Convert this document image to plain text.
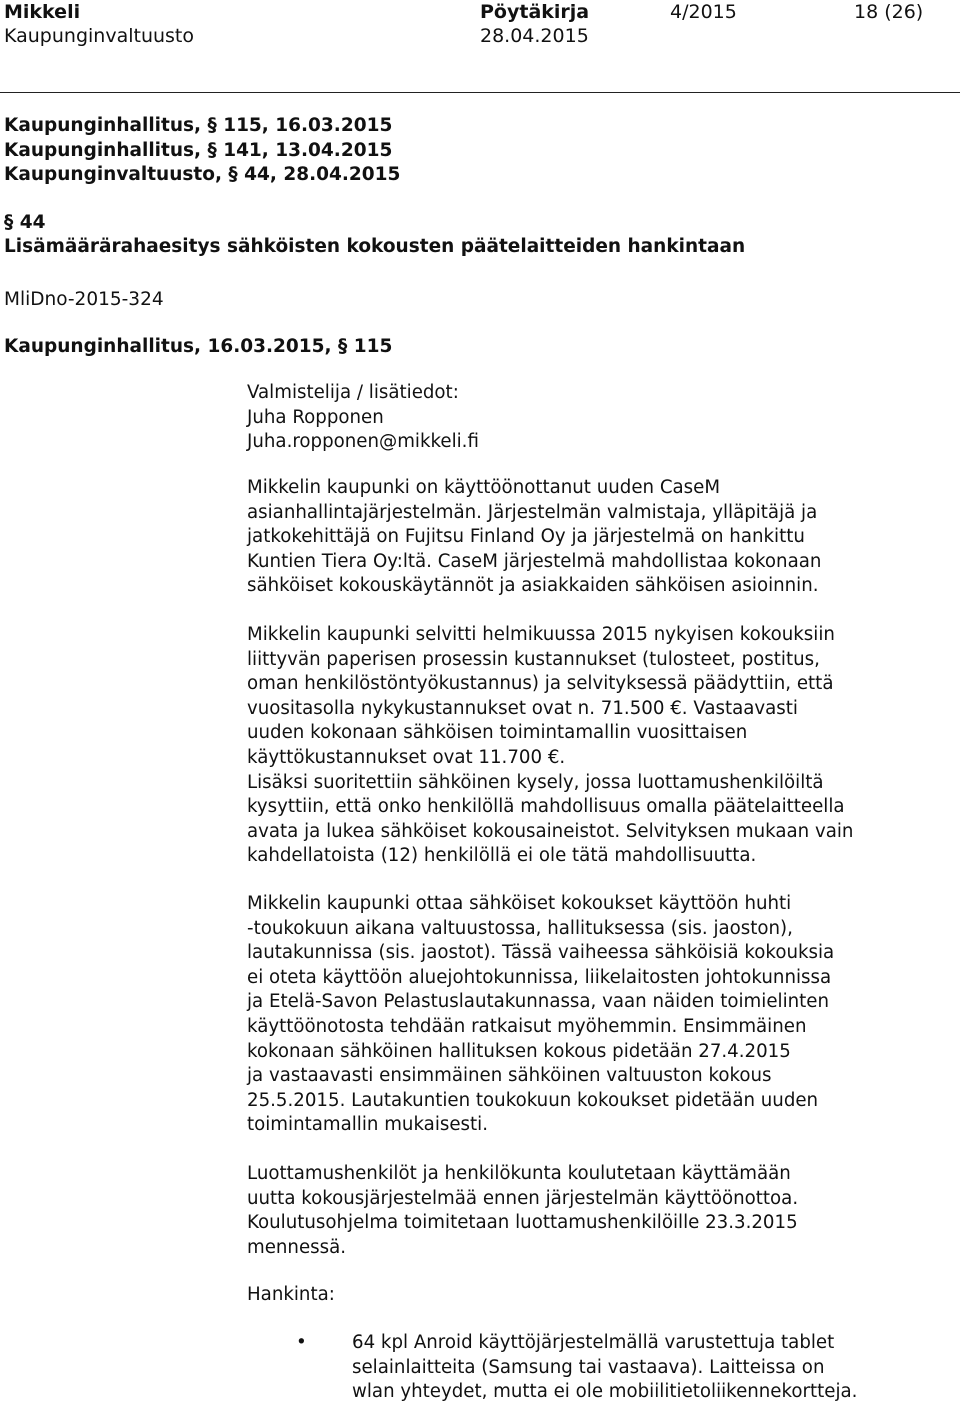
Mikkeli
Kaupunginvaltuusto
Pöytäkirja
28.04.2015
4/2015	18 (26)
Kaupunginhallitus, § 115, 16.03.2015
Kaupunginhallitus, § 141, 13.04.2015
Kaupunginvaltuusto, § 44, 28.04.2015
§ 44
Lisämäärärahaesitys sähköisten kokousten päätelaitteiden hankintaan
MliDno-2015-324
Kaupunginhallitus, 16.03.2015, § 115

Valmistelija / lisätiedot:

Juha Ropponen

Juha.ropponen@mikkeli.fi

Mikkelin kaupunki on käyttöönottanut uuden CaseM

asianhallintajärjestelmän. Järjestelmän valmistaja, ylläpitäjä ja

jatkokehittäjä on Fujitsu Finland Oy ja järjestelmä on hankittu

Kuntien Tiera Oy:ltä. CaseM järjestelmä mahdollistaa kokonaan

sähköiset kokouskäytännöt ja asiakkaiden sähköisen asioinnin.

Mikkelin kaupunki selvitti helmikuussa 2015 nykyisen kokouksiin

liittyvän paperisen prosessin kustannukset (tulosteet, postitus,

oman henkilöstöntyökustannus) ja selvityksessä päädyttiin, että

vuositasolla nykykustannukset ovat n. 71.500 €. Vastaavasti

uuden kokonaan sähköisen toimintamallin vuosittaisen

käyttökustannukset ovat 11.700 €.

Lisäksi suoritettiin sähköinen kysely, jossa luottamushenkilöiltä

kysyttiin, että onko henkilöllä mahdollisuus omalla päätelaitteella

avata ja lukea sähköiset kokousaineistot. Selvityksen mukaan vain

kahdellatoista (12) henkilöllä ei ole tätä mahdollisuutta.

Mikkelin kaupunki ottaa sähköiset kokoukset käyttöön huhti

-toukokuun aikana valtuustossa, hallituksessa (sis. jaoston),

lautakunnissa (sis. jaostot). Tässä vaiheessa sähköisiä kokouksia

ei oteta käyttöön aluejohtokunnissa, liikelaitosten johtokunnissa

ja Etelä-Savon Pelastuslautakunnassa, vaan näiden toimielinten

käyttöönotosta tehdään ratkaisut myöhemmin. Ensimmäinen

kokonaan sähköinen hallituksen kokous pidetään 27.4.2015

ja vastaavasti ensimmäinen sähköinen valtuuston kokous

25.5.2015. Lautakuntien toukokuun kokoukset pidetään uuden

toimintamallin mukaisesti.

Luottamushenkilöt ja henkilökunta koulutetaan käyttämään

uutta kokousjärjestelmää ennen järjestelmän käyttöönottoa.

Koulutusohjelma toimitetaan luottamushenkilöille 23.3.2015

mennessä.

Hankinta:
• 64 kpl Anroid käyttöjärjestelmällä varustettuja tablet

selainlaitteita (Samsung tai vastaava). Laitteissa on

wlan yhteydet, mutta ei ole mobiilitietoliikennekortteja.
